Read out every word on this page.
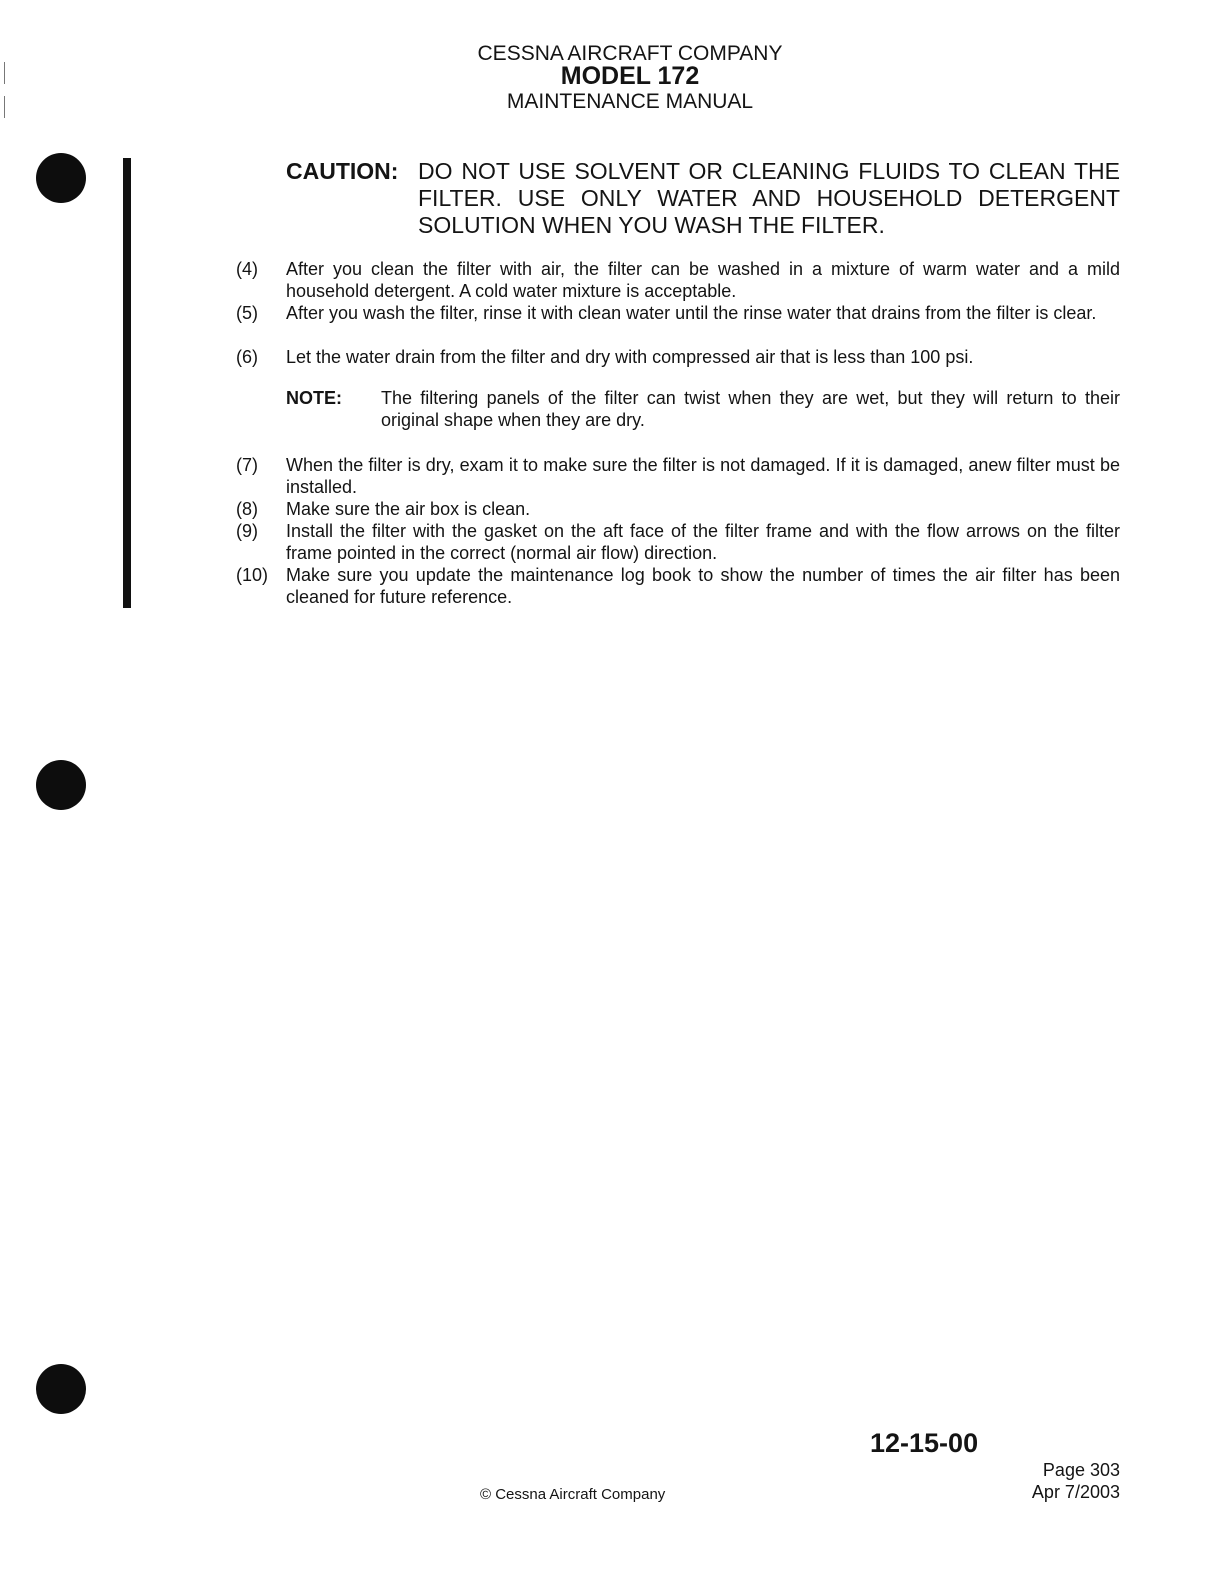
CESSNA AIRCRAFT COMPANY
MODEL 172
MAINTENANCE MANUAL
CAUTION: DO NOT USE SOLVENT OR CLEANING FLUIDS TO CLEAN THE FILTER. USE ONLY WATER AND HOUSEHOLD DETERGENT SOLUTION WHEN YOU WASH THE FILTER.
(4) After you clean the filter with air, the filter can be washed in a mixture of warm water and a mild household detergent. A cold water mixture is acceptable.
(5) After you wash the filter, rinse it with clean water until the rinse water that drains from the filter is clear.
(6) Let the water drain from the filter and dry with compressed air that is less than 100 psi.
NOTE: The filtering panels of the filter can twist when they are wet, but they will return to their original shape when they are dry.
(7) When the filter is dry, exam it to make sure the filter is not damaged. If it is damaged, anew filter must be installed.
(8) Make sure the air box is clean.
(9) Install the filter with the gasket on the aft face of the filter frame and with the flow arrows on the filter frame pointed in the correct (normal air flow) direction.
(10) Make sure you update the maintenance log book to show the number of times the air filter has been cleaned for future reference.
12-15-00
Page 303
Apr 7/2003
© Cessna Aircraft Company
